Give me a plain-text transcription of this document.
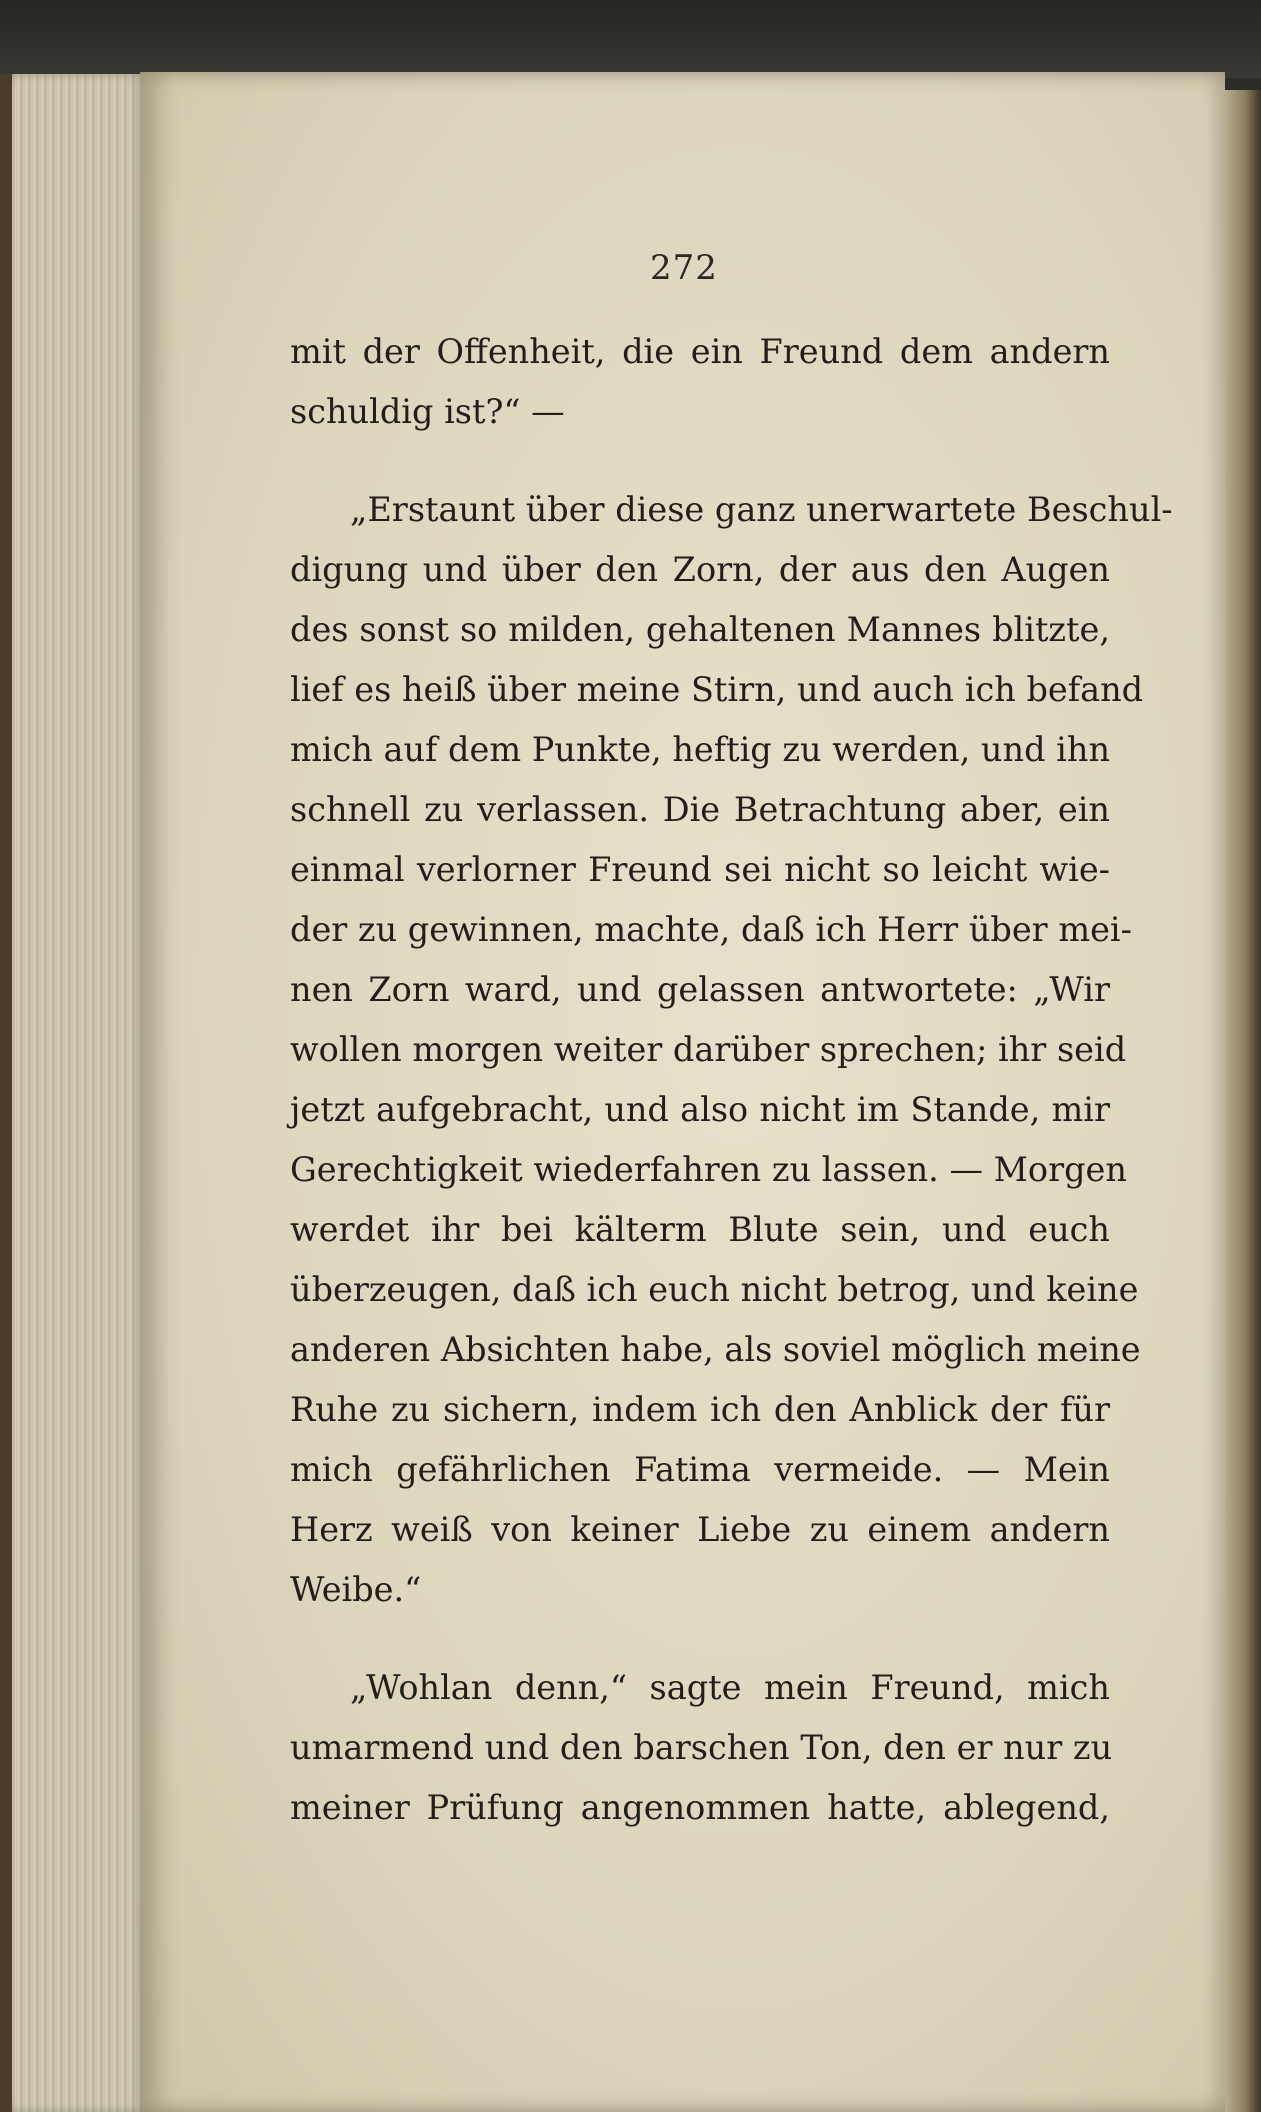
272
mit der Offenheit, die ein Freund dem andern
schuldig ist?“ —
„Erstaunt über diese ganz unerwartete Beschul-
digung und über den Zorn, der aus den Augen
des sonst so milden, gehaltenen Mannes blitzte,
lief es heiß über meine Stirn, und auch ich befand
mich auf dem Punkte, heftig zu werden, und ihn
schnell zu verlassen. Die Betrachtung aber, ein
einmal verlorner Freund sei nicht so leicht wie-
der zu gewinnen, machte, daß ich Herr über mei-
nen Zorn ward, und gelassen antwortete: „Wir
wollen morgen weiter darüber sprechen; ihr seid
jetzt aufgebracht, und also nicht im Stande, mir
Gerechtigkeit wiederfahren zu lassen. — Morgen
werdet ihr bei kälterm Blute sein, und euch
überzeugen, daß ich euch nicht betrog, und keine
anderen Absichten habe, als soviel möglich meine
Ruhe zu sichern, indem ich den Anblick der für
mich gefährlichen Fatima vermeide. — Mein
Herz weiß von keiner Liebe zu einem andern
Weibe.“
„Wohlan denn,“ sagte mein Freund, mich
umarmend und den barschen Ton, den er nur zu
meiner Prüfung angenommen hatte, ablegend,
